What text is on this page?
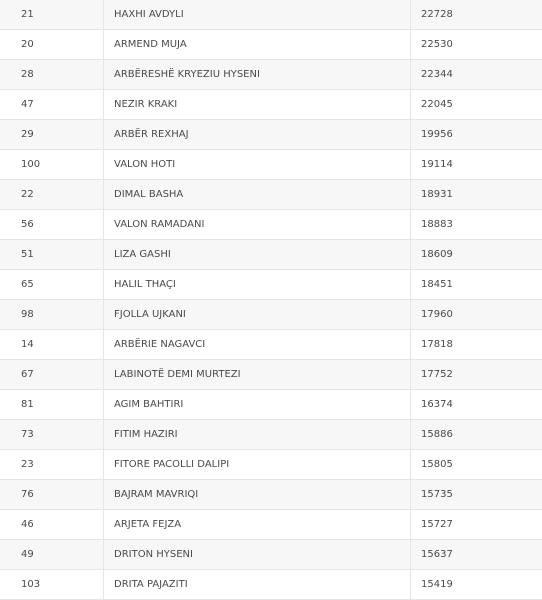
21	HAXHI AVDYLI	22728
20	ARMEND MUJA	22530
28	ARBËRESHË KRYEZIU HYSENI	22344
47	NEZIR KRAKI	22045
29	ARBËR REXHAJ	19956
100	VALON HOTI	19114
22	DIMAL BASHA	18931
56	VALON RAMADANI	18883
51	LIZA GASHI	18609
65	HALIL THAÇI	18451
98	FJOLLA UJKANI	17960
14	ARBËRIE NAGAVCI	17818
67	LABINOTË DEMI MURTEZI	17752
81	AGIM BAHTIRI	16374
73	FITIM HAZIRI	15886
23	FITORE PACOLLI DALIPI	15805
76	BAJRAM MAVRIQI	15735
46	ARJETA FEJZA	15727
49	DRITON HYSENI	15637
103	DRITA PAJAZITI	15419
